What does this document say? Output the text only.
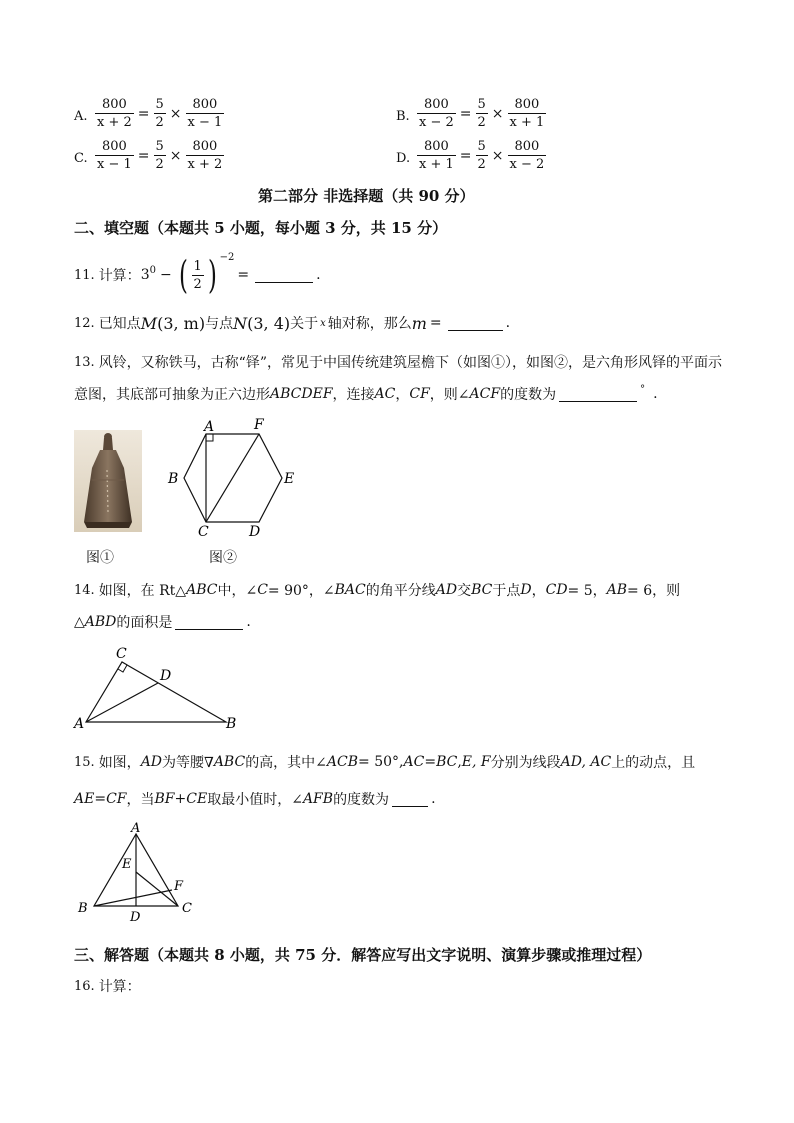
A. $\frac{800}{x + 2} = \frac{5}{2} \times \frac{800}{x - 1}$	B. $\frac{800}{x - 2} = \frac{5}{2} \times \frac{800}{x + 1}$
C. $\frac{800}{x - 1} = \frac{5}{2} \times \frac{800}{x + 2}$	D. $\frac{800}{x + 1} = \frac{5}{2} \times \frac{800}{x - 2}$
第二部分 非选择题（共 90 分）
二、填空题（本题共 5 小题，每小题 3 分，共 15 分）
11. 计算： $3^0$ − ( $\frac{1}{2}$ ) $^{-2}$
=	.
12. 已知点 M (3, m) 与点 N (3, 4) 关于 x 轴对称，那么 m =	.
13. 风铃，又称铁马，古称“铎”，常见于中国传统建筑屋檐下（如图①），如图②，是六角形风铎的平面示
意图，其底部可抽象为正六边形 ABCDEF ，连接 AC ， CF ，则∠ ACF 的度数为	° .
A	F
B	E
C	D
图①	图②
14. 如图，在 Rt△ ABC 中，∠ C = 90°，∠ BAC 的角平分线 AD 交 BC 于点 D ， CD = 5， AB = 6，则
△ ABD 的面积是	.
C
D
A	B
15. 如图， AD 为等腰∇ ABC 的高，其中∠ ACB = 50°, AC = BC , E, F 分别为线段 AD, AC 上的动点，且
AE = CF ，当 BF + CE 取最小值时，∠ AFB 的度数为	.
A
E
F
B
D
C
三、解答题（本题共 8 小题，共 75 分．解答应写出文字说明、演算步骤或推理过程）
16. 计算：
